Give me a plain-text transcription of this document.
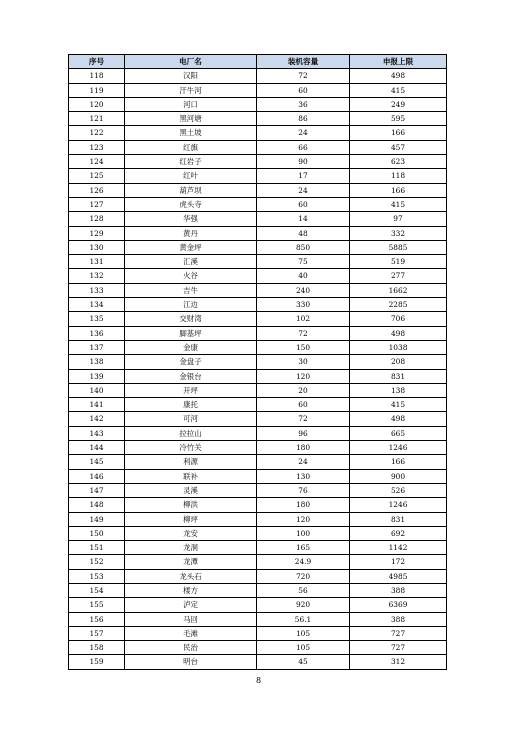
序号	电厂名	装机容量	申报上限
118	汉阳	72	498
119	汗牛河	60	415
120	河口	36	249
121	黑河塘	86	595
122	黑土坡	24	166
123	红旗	66	457
124	红岩子	90	623
125	红叶	17	118
126	葫芦坝	24	166
127	虎头寺	60	415
128	华强	14	97
129	黄丹	48	332
130	黄金坪	850	5885
131	汇溪	75	519
132	火谷	40	277
133	吉牛	240	1662
134	江边	330	2285
135	交财湾	102	706
136	脚基坪	72	498
137	金康	150	1038
138	金盘子	30	208
139	金银台	120	831
140	开坪	20	138
141	康托	60	415
142	可河	72	498
143	拉拉山	96	665
144	冷竹关	180	1246
145	利源	24	166
146	联补	130	900
147	灵溪	76	526
148	柳洪	180	1246
149	柳坪	120	831
150	龙安	100	692
151	龙洞	165	1142
152	龙潭	24.9	172
153	龙头石	720	4985
154	楼方	56	388
155	泸定	920	6369
156	马回	56.1	388
157	毛滩	105	727
158	民治	105	727
159	明台	45	312
8
